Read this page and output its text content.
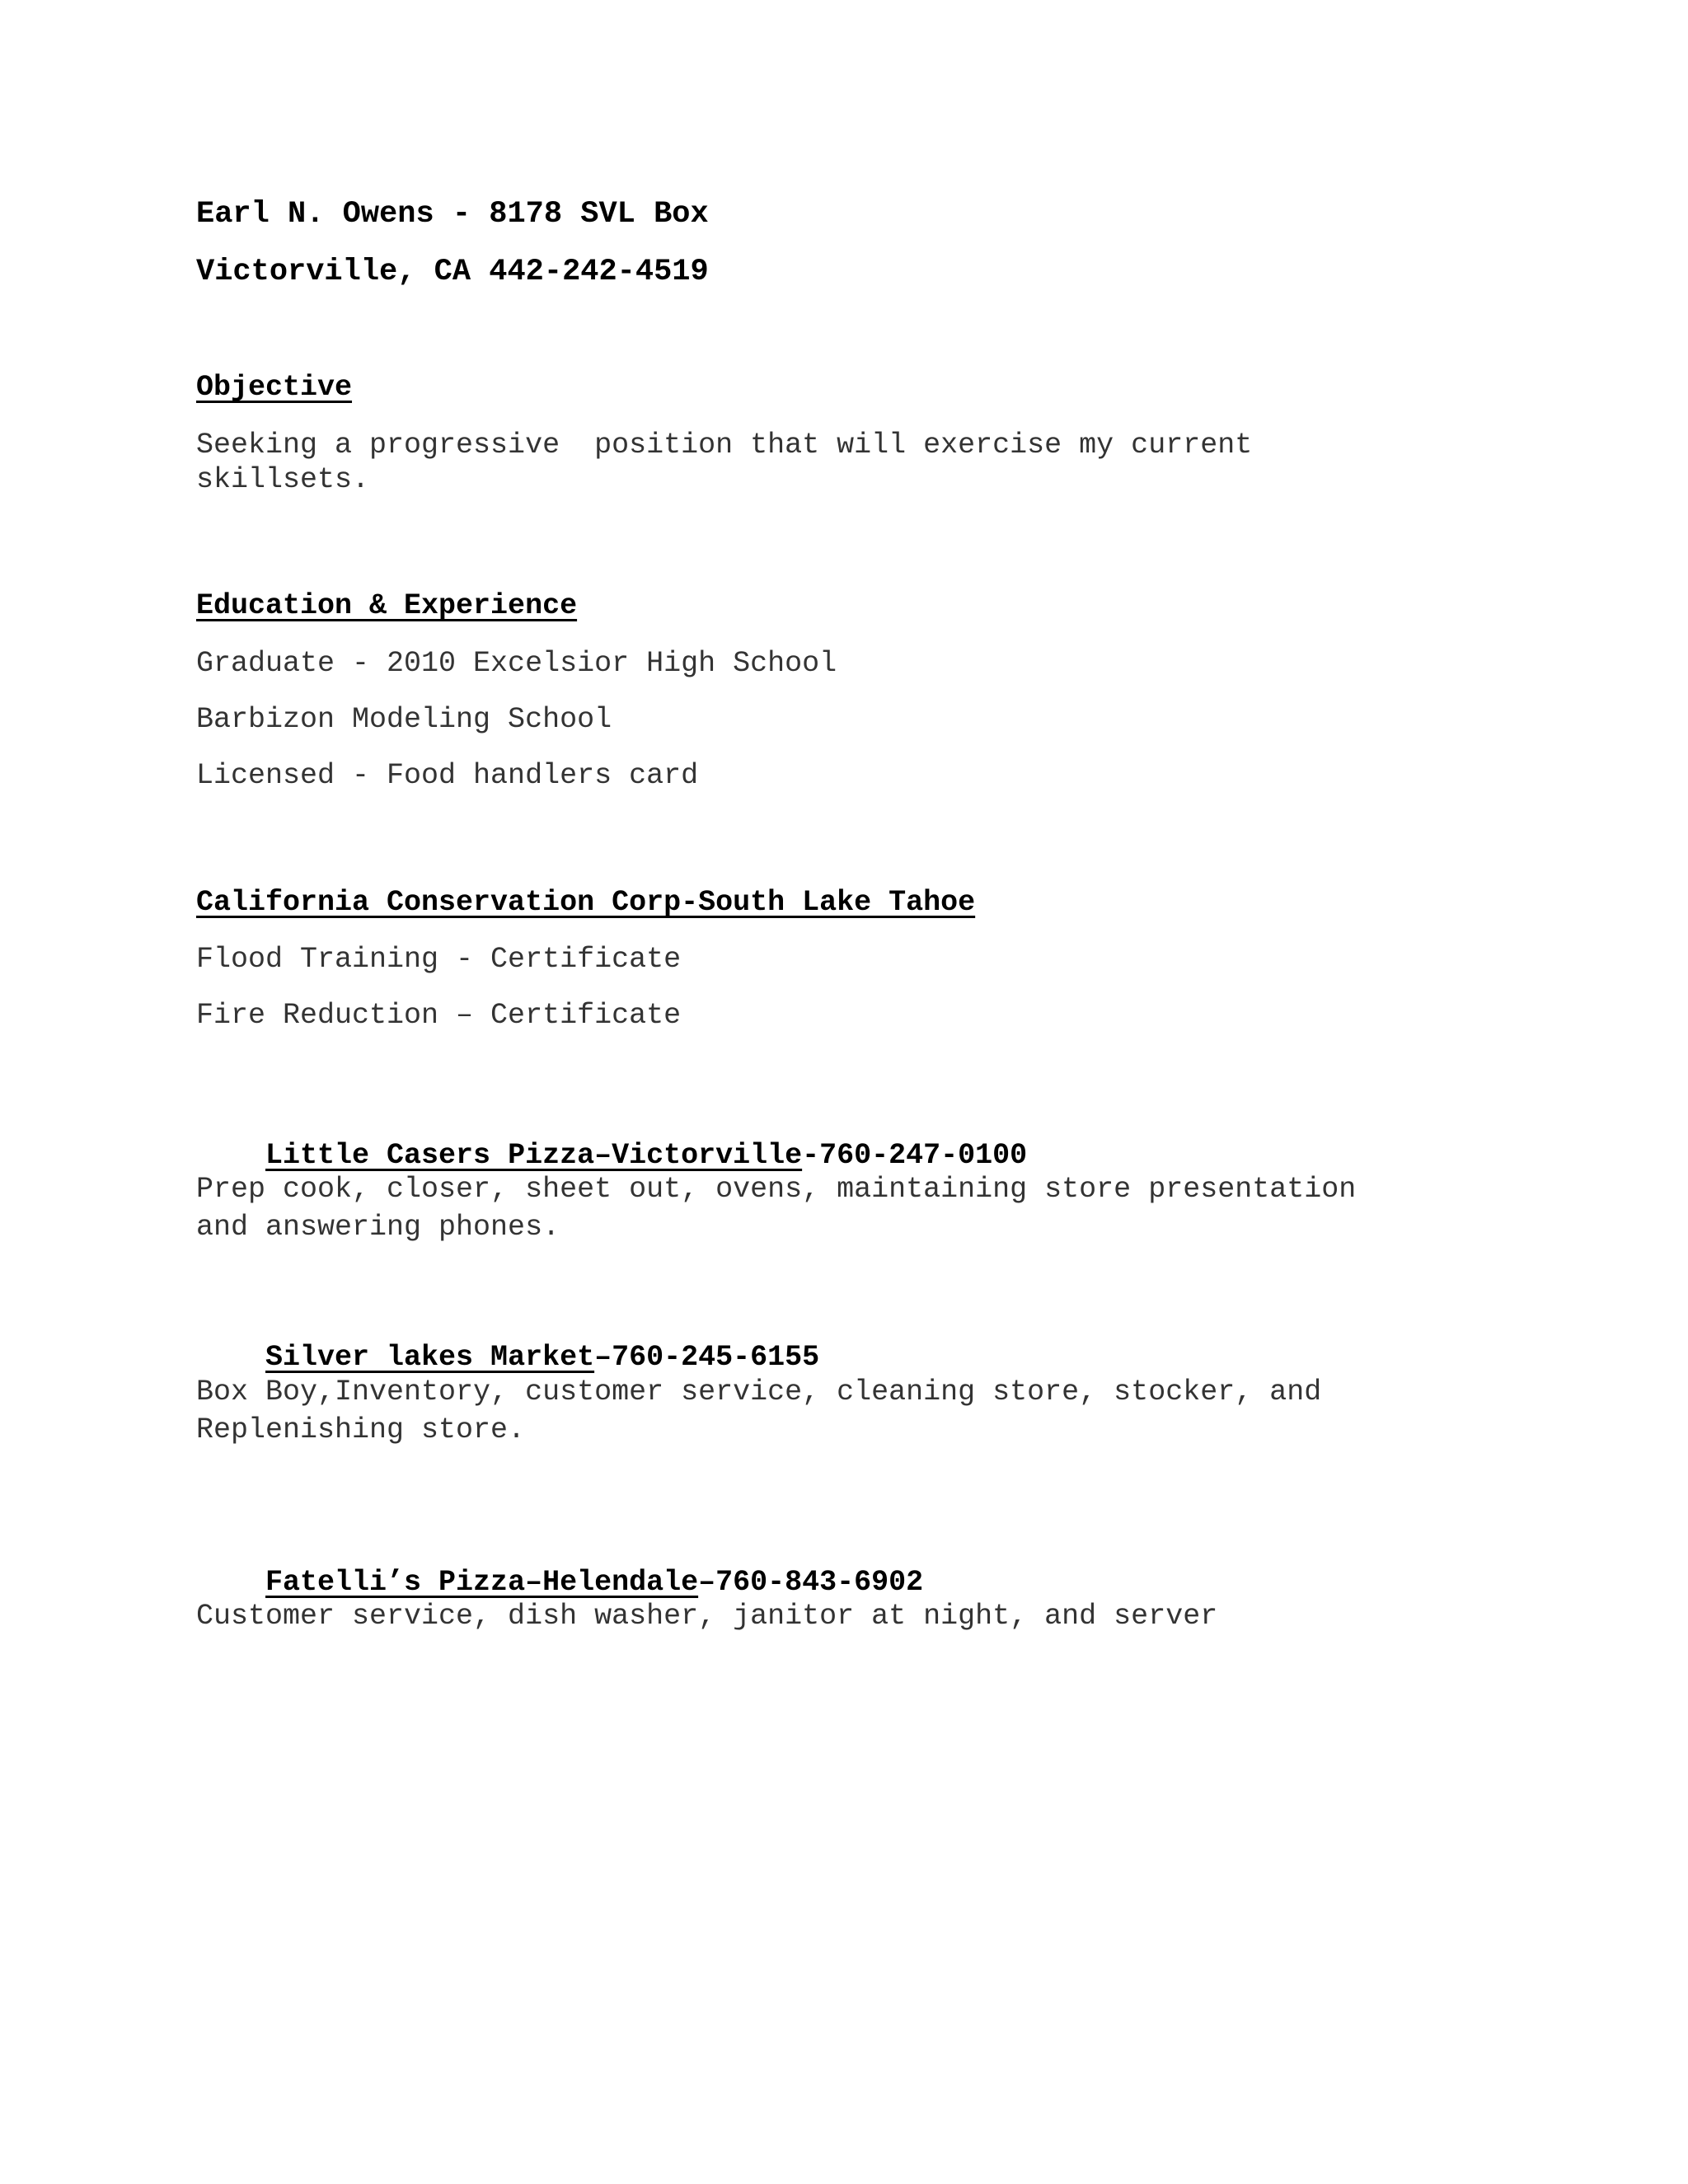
Earl N. Owens - 8178 SVL Box
Victorville, CA 442-242-4519
Objective
Seeking a progressive  position that will exercise my current
skillsets.
Education & Experience
Graduate - 2010 Excelsior High School
Barbizon Modeling School
Licensed - Food handlers card
California Conservation Corp-South Lake Tahoe
Flood Training - Certificate
Fire Reduction – Certificate

Little Casers Pizza–Victorville-760-247-0100

Prep cook, closer, sheet out, ovens, maintaining store presentation
and answering phones.

Silver lakes Market–760-245-6155

Box Boy,Inventory, customer service, cleaning store, stocker, and
Replenishing store.

Fatelli’s Pizza–Helendale–760-843-6902

Customer service, dish washer, janitor at night, and server
